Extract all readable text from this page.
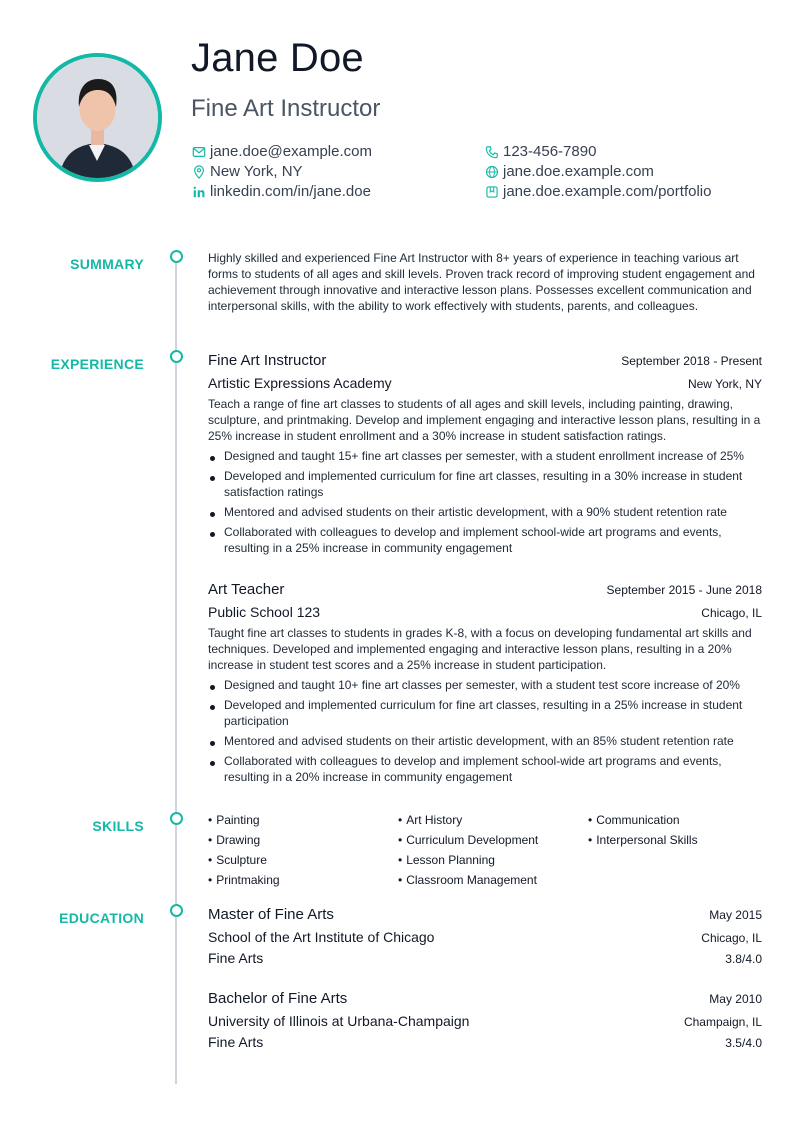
Jane Doe
Fine Art Instructor
jane.doe@example.com	123-456-7890
New York, NY	jane.doe.example.com
linkedin.com/in/jane.doe	jane.doe.example.com/portfolio
SUMMARY
EXPERIENCE
SKILLS
EDUCATION
Highly skilled and experienced Fine Art Instructor with 8+ years of experience in teaching various art forms to students of all ages and skill levels. Proven track record of improving student engagement and achievement through innovative and interactive lesson plans. Possesses excellent communication and interpersonal skills, with the ability to work effectively with students, parents, and colleagues.
Fine Art Instructor	September 2018 - Present
Artistic Expressions Academy	New York, NY
Teach a range of fine art classes to students of all ages and skill levels, including painting, drawing, sculpture, and printmaking. Develop and implement engaging and interactive lesson plans, resulting in a 25% increase in student enrollment and a 30% increase in student satisfaction ratings.
Designed and taught 15+ fine art classes per semester, with a student enrollment increase of 25%
Developed and implemented curriculum for fine art classes, resulting in a 30% increase in student satisfaction ratings
Mentored and advised students on their artistic development, with a 90% student retention rate
Collaborated with colleagues to develop and implement school-wide art programs and events, resulting in a 25% increase in community engagement
Art Teacher	September 2015 - June 2018
Public School 123	Chicago, IL
Taught fine art classes to students in grades K-8, with a focus on developing fundamental art skills and techniques. Developed and implemented engaging and interactive lesson plans, resulting in a 20% increase in student test scores and a 25% increase in student participation.
Designed and taught 10+ fine art classes per semester, with a student test score increase of 20%
Developed and implemented curriculum for fine art classes, resulting in a 25% increase in student participation
Mentored and advised students on their artistic development, with an 85% student retention rate
Collaborated with colleagues to develop and implement school-wide art programs and events, resulting in a 20% increase in community engagement
• Painting	• Art History	• Communication
• Drawing	• Curriculum Development	• Interpersonal Skills
• Sculpture	• Lesson Planning
• Printmaking	• Classroom Management
Master of Fine Arts	May 2015
School of the Art Institute of Chicago	Chicago, IL
Fine Arts	3.8/4.0
Bachelor of Fine Arts	May 2010
University of Illinois at Urbana-Champaign	Champaign, IL
Fine Arts	3.5/4.0
